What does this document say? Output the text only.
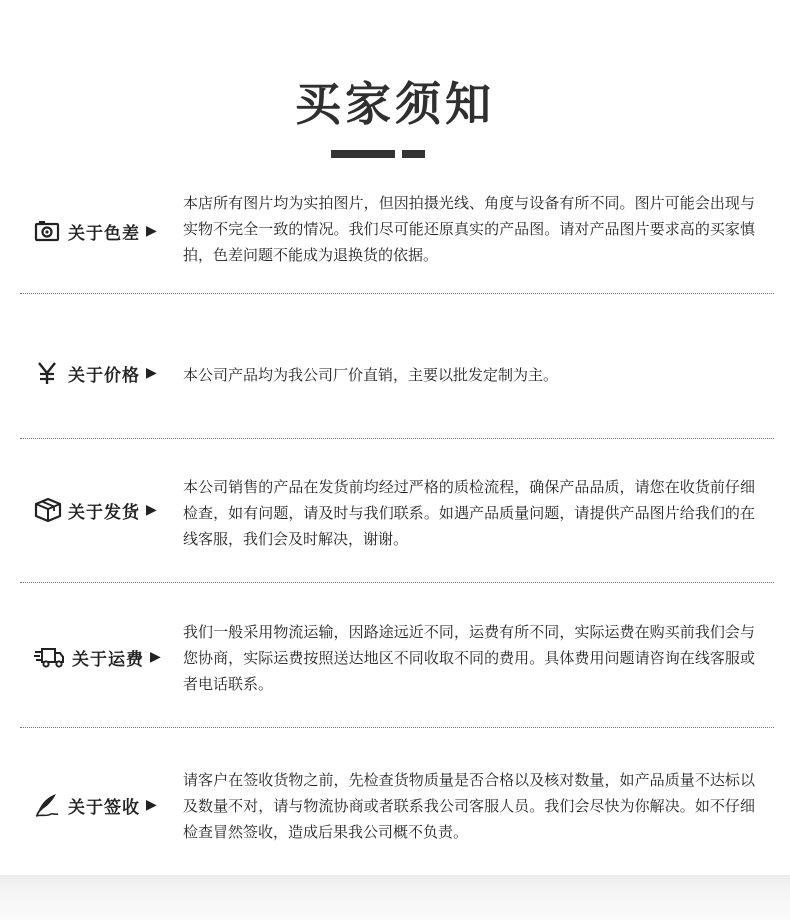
买家须知
关于色差 ▶
本店所有图片均为实拍图片，但因拍摄光线、角度与设备有所不同。图片可能会出现与实物不完全一致的情况。我们尽可能还原真实的产品图。请对产品图片要求高的买家慎拍，色差问题不能成为退换货的依据。
关于价格 ▶ 本公司产品均为我公司厂价直销，主要以批发定制为主。
关于发货 ▶
本公司销售的产品在发货前均经过严格的质检流程，确保产品品质，请您在收货前仔细检查，如有问题，请及时与我们联系。如遇产品质量问题，请提供产品图片给我们的在线客服，我们会及时解决，谢谢。
关于运费 ▶
我们一般采用物流运输，因路途远近不同，运费有所不同，实际运费在购买前我们会与您协商，实际运费按照送达地区不同收取不同的费用。具体费用问题请咨询在线客服或者电话联系。
关于签收 ▶
请客户在签收货物之前，先检查货物质量是否合格以及核对数量，如产品质量不达标以及数量不对，请与物流协商或者联系我公司客服人员。我们会尽快为你解决。如不仔细检查冒然签收，造成后果我公司概不负责。
